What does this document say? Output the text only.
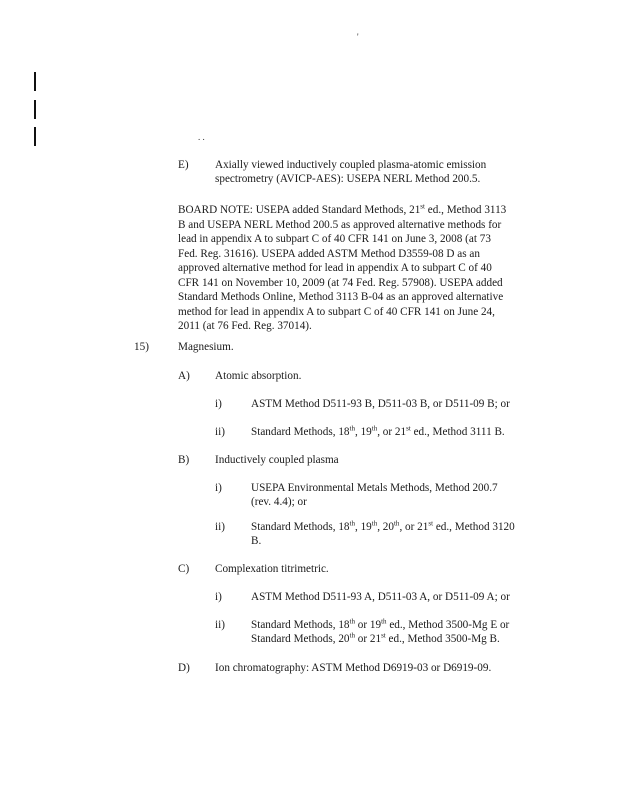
'
. .
E) Axially viewed inductively coupled plasma-atomic emission
spectrometry (AVICP-AES): USEPA NERL Method 200.5.
BOARD NOTE: USEPA added Standard Methods, 21st ed., Method 3113
B and USEPA NERL Method 200.5 as approved alternative methods for
lead in appendix A to subpart C of 40 CFR 141 on June 3, 2008 (at 73
Fed. Reg. 31616). USEPA added ASTM Method D3559-08 D as an
approved alternative method for lead in appendix A to subpart C of 40
CFR 141 on November 10, 2009 (at 74 Fed. Reg. 57908). USEPA added
Standard Methods Online, Method 3113 B-04 as an approved alternative
method for lead in appendix A to subpart C of 40 CFR 141 on June 24,
2011 (at 76 Fed. Reg. 37014).
15)	Magnesium.
A) Atomic absorption.
i)	ASTM Method D511-93 B, D511-03 B, or D511-09 B; or
ii) Standard Methods, 18th, 19th, or 21st ed., Method 3111 B.
B) Inductively coupled plasma
i)	USEPA Environmental Metals Methods, Method 200.7
(rev. 4.4); or
ii) Standard Methods, 18th, 19th, 20th, or 21st ed., Method 3120
B.
C) Complexation titrimetric.
i)	ASTM Method D511-93 A, D511-03 A, or D511-09 A; or
ii) Standard Methods, 18th or 19th ed., Method 3500-Mg E or
Standard Methods, 20th or 21st ed., Method 3500-Mg B.
D) Ion chromatography: ASTM Method D6919-03 or D6919-09.
